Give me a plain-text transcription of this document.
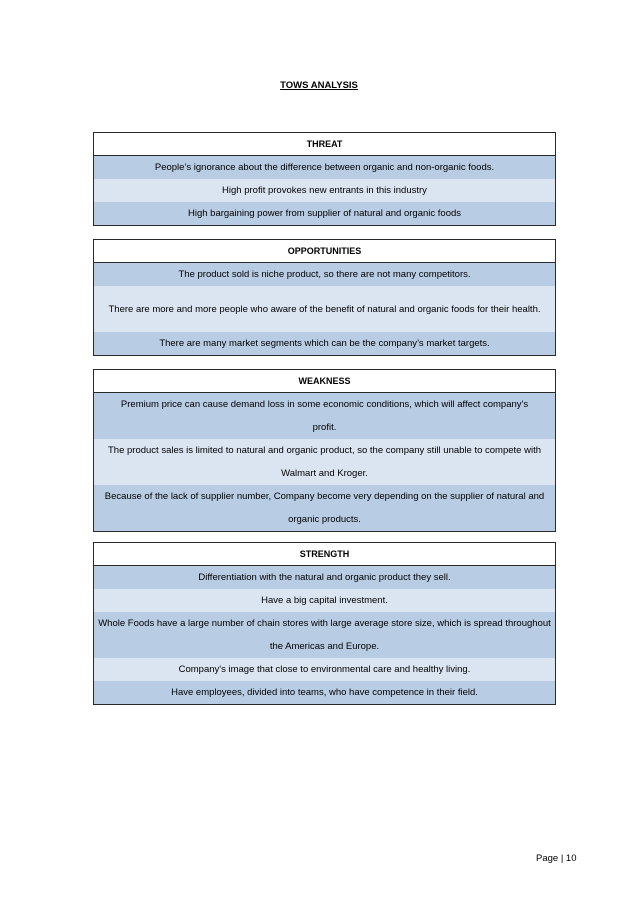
TOWS ANALYSIS
THREAT
People’s ignorance about the difference between organic and non-organic foods.
High profit provokes new entrants in this industry
High bargaining power from supplier of natural and organic foods
OPPORTUNITIES
The product sold is niche product, so there are not many competitors.
There are more and more people who aware of the benefit of natural and organic foods for their health.
There are many market segments which can be the company’s market targets.
WEAKNESS
Premium price can cause demand loss in some economic conditions, which will affect company's profit.
The product sales is limited to natural and organic product, so the company still unable to compete with Walmart and Kroger.
Because of the lack of supplier number, Company become very depending on the supplier of natural and organic products.
STRENGTH
Differentiation with the natural and organic product they sell.
Have a big capital investment.
Whole Foods have a large number of chain stores with large average store size, which is spread throughout the Americas and Europe.
Company's image that close to environmental care and healthy living.
Have employees, divided into teams, who have competence in their field.
Page | 10
